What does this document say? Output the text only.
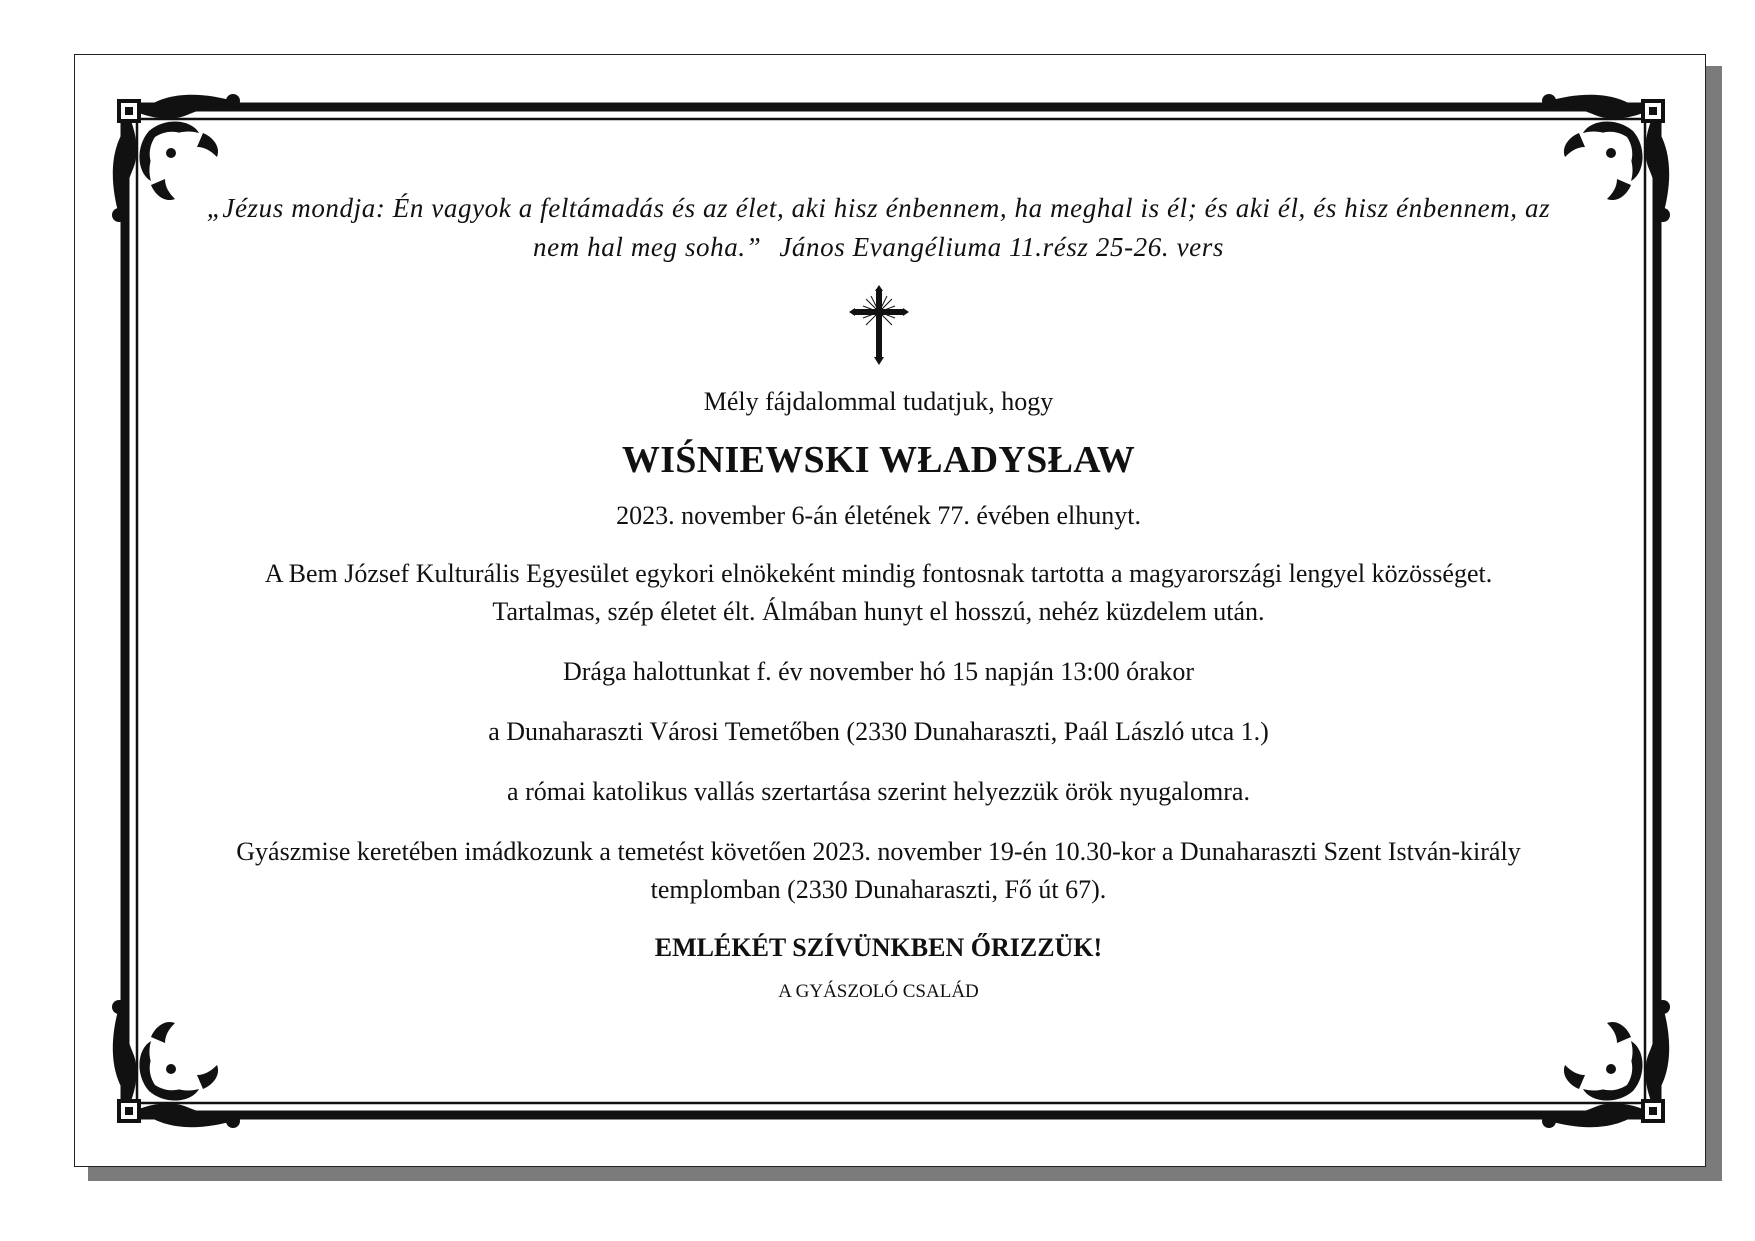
„Jézus mondja: Én vagyok a feltámadás és az élet, aki hisz énbennem, ha meghal is él; és aki él, és hisz énbennem, az nem hal meg soha.” János Evangéliuma 11.rész 25-26. vers

Mély fájdalommal tudatjuk, hogy

WIŚNIEWSKI WŁADYSŁAW

2023. november 6-án életének 77. évében elhunyt.

A Bem József Kulturális Egyesület egykori elnökeként mindig fontosnak tartotta a magyarországi lengyel közösséget. Tartalmas, szép életet élt. Álmában hunyt el hosszú, nehéz küzdelem után.

Drága halottunkat f. év november hó 15 napján 13:00 órakor

a Dunaharaszti Városi Temetőben (2330 Dunaharaszti, Paál László utca 1.)

a római katolikus vallás szertartása szerint helyezzük örök nyugalomra.

Gyászmise keretében imádkozunk a temetést követően 2023. november 19-én 10.30-kor a Dunaharaszti Szent István-király templomban (2330 Dunaharaszti, Fő út 67).

EMLÉKÉT SZÍVÜNKBEN ŐRIZZÜK!

A GYÁSZOLÓ CSALÁD
